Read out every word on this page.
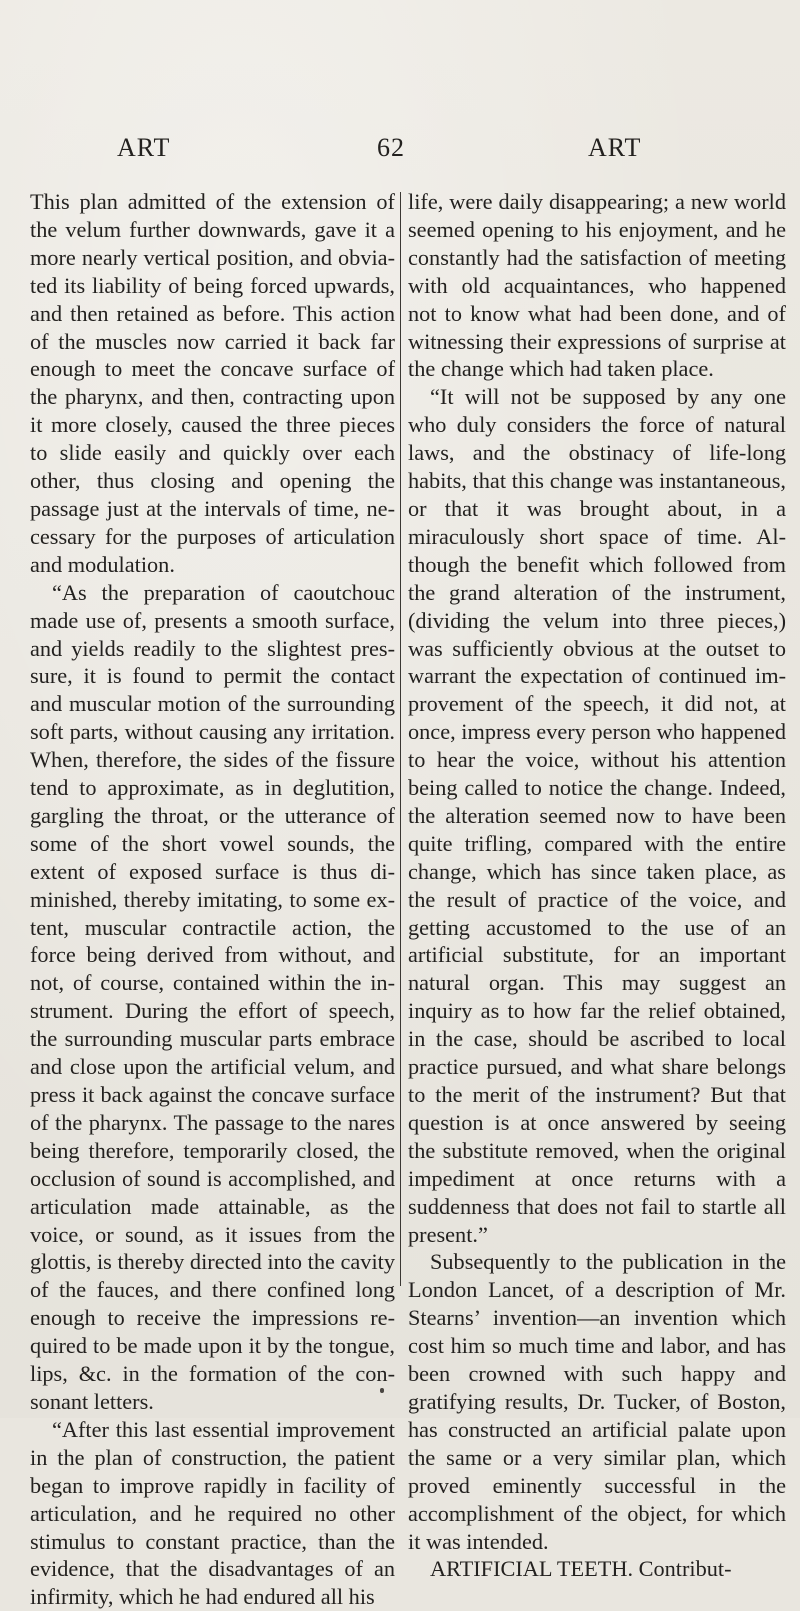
ART	62	ART

This plan admitted of the extension of the velum further downwards, gave it a more nearly vertical position, and obviated its liability of being forced upwards, and then retained as before. This action of the muscles now carried it back far enough to meet the concave surface of the pharynx, and then, contracting upon it more closely, caused the three pieces to slide easily and quickly over each other, thus closing and opening the passage just at the intervals of time, necessary for the purposes of articulation and modulation.

“As the preparation of caoutchouc made use of, presents a smooth surface, and yields readily to the slightest pressure, it is found to permit the contact and muscular motion of the surrounding soft parts, without causing any irritation. When, therefore, the sides of the fissure tend to approximate, as in deglutition, gargling the throat, or the utterance of some of the short vowel sounds, the extent of exposed surface is thus diminished, thereby imitating, to some extent, muscular contractile action, the force being derived from without, and not, of course, contained within the instrument. During the effort of speech, the surrounding muscular parts embrace and close upon the artificial velum, and press it back against the concave surface of the pharynx. The passage to the nares being therefore, temporarily closed, the occlusion of sound is accomplished, and articulation made attainable, as the voice, or sound, as it issues from the glottis, is thereby directed into the cavity of the fauces, and there confined long enough to receive the impressions required to be made upon it by the tongue, lips, &c. in the formation of the consonant letters.

“After this last essential improvement in the plan of construction, the patient began to improve rapidly in facility of articulation, and he required no other stimulus to constant practice, than the evidence, that the disadvantages of an infirmity, which he had endured all his

life, were daily disappearing; a new world seemed opening to his enjoyment, and he constantly had the satisfaction of meeting with old acquaintances, who happened not to know what had been done, and of witnessing their expressions of surprise at the change which had taken place.

“It will not be supposed by any one who duly considers the force of natural laws, and the obstinacy of life-long habits, that this change was instantaneous, or that it was brought about, in a miraculously short space of time. Although the benefit which followed from the grand alteration of the instrument, (dividing the velum into three pieces,) was sufficiently obvious at the outset to warrant the expectation of continued improvement of the speech, it did not, at once, impress every person who happened to hear the voice, without his attention being called to notice the change. Indeed, the alteration seemed now to have been quite trifling, compared with the entire change, which has since taken place, as the result of practice of the voice, and getting accustomed to the use of an artificial substitute, for an important natural organ. This may suggest an inquiry as to how far the relief obtained, in the case, should be ascribed to local practice pursued, and what share belongs to the merit of the instrument? But that question is at once answered by seeing the substitute removed, when the original impediment at once returns with a suddenness that does not fail to startle all present.”

Subsequently to the publication in the London Lancet, of a description of Mr. Stearns’ invention—an invention which cost him so much time and labor, and has been crowned with such happy and gratifying results, Dr. Tucker, of Boston, has constructed an artificial palate upon the same or a very similar plan, which proved eminently successful in the accomplishment of the object, for which it was intended.

ARTIFICIAL TEETH. Contribut-
